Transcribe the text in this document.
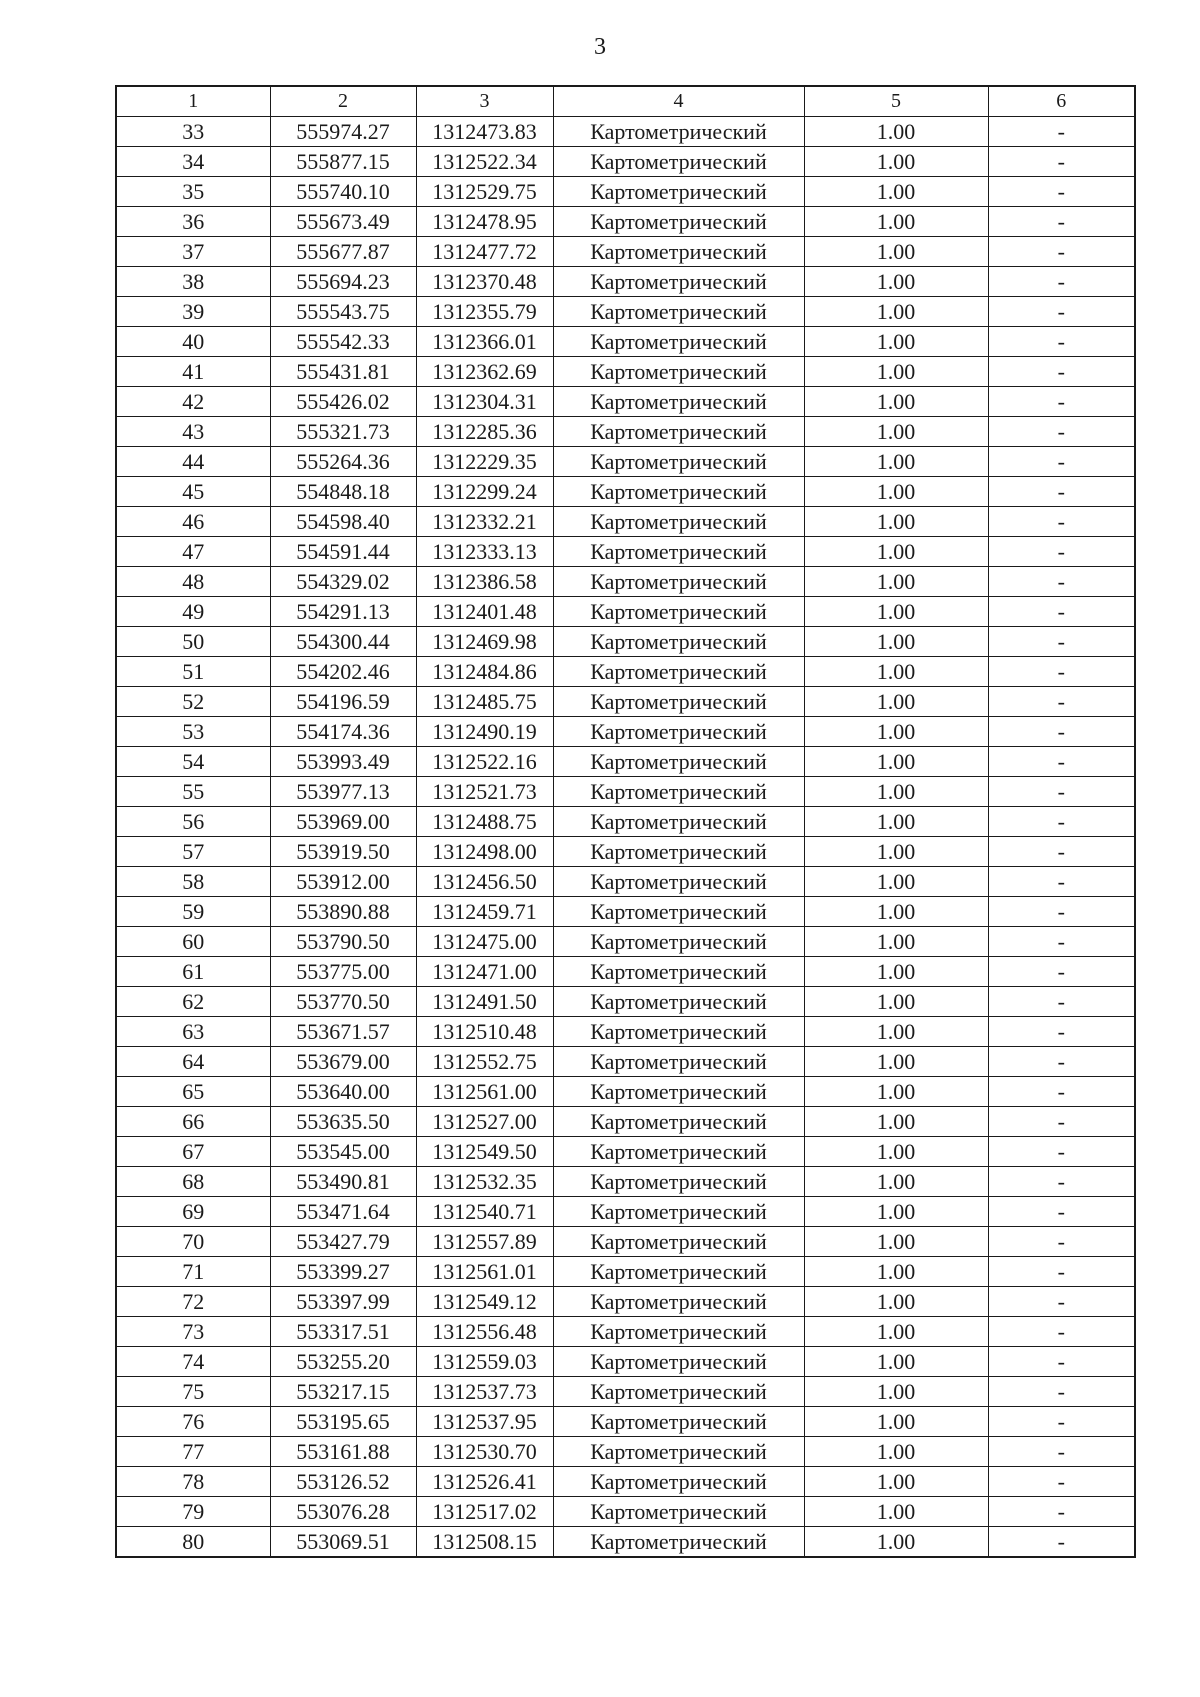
3
1	2	3	4	5	6
33	555974.27	1312473.83	Картометрический	1.00	-
34	555877.15	1312522.34	Картометрический	1.00	-
35	555740.10	1312529.75	Картометрический	1.00	-
36	555673.49	1312478.95	Картометрический	1.00	-
37	555677.87	1312477.72	Картометрический	1.00	-
38	555694.23	1312370.48	Картометрический	1.00	-
39	555543.75	1312355.79	Картометрический	1.00	-
40	555542.33	1312366.01	Картометрический	1.00	-
41	555431.81	1312362.69	Картометрический	1.00	-
42	555426.02	1312304.31	Картометрический	1.00	-
43	555321.73	1312285.36	Картометрический	1.00	-
44	555264.36	1312229.35	Картометрический	1.00	-
45	554848.18	1312299.24	Картометрический	1.00	-
46	554598.40	1312332.21	Картометрический	1.00	-
47	554591.44	1312333.13	Картометрический	1.00	-
48	554329.02	1312386.58	Картометрический	1.00	-
49	554291.13	1312401.48	Картометрический	1.00	-
50	554300.44	1312469.98	Картометрический	1.00	-
51	554202.46	1312484.86	Картометрический	1.00	-
52	554196.59	1312485.75	Картометрический	1.00	-
53	554174.36	1312490.19	Картометрический	1.00	-
54	553993.49	1312522.16	Картометрический	1.00	-
55	553977.13	1312521.73	Картометрический	1.00	-
56	553969.00	1312488.75	Картометрический	1.00	-
57	553919.50	1312498.00	Картометрический	1.00	-
58	553912.00	1312456.50	Картометрический	1.00	-
59	553890.88	1312459.71	Картометрический	1.00	-
60	553790.50	1312475.00	Картометрический	1.00	-
61	553775.00	1312471.00	Картометрический	1.00	-
62	553770.50	1312491.50	Картометрический	1.00	-
63	553671.57	1312510.48	Картометрический	1.00	-
64	553679.00	1312552.75	Картометрический	1.00	-
65	553640.00	1312561.00	Картометрический	1.00	-
66	553635.50	1312527.00	Картометрический	1.00	-
67	553545.00	1312549.50	Картометрический	1.00	-
68	553490.81	1312532.35	Картометрический	1.00	-
69	553471.64	1312540.71	Картометрический	1.00	-
70	553427.79	1312557.89	Картометрический	1.00	-
71	553399.27	1312561.01	Картометрический	1.00	-
72	553397.99	1312549.12	Картометрический	1.00	-
73	553317.51	1312556.48	Картометрический	1.00	-
74	553255.20	1312559.03	Картометрический	1.00	-
75	553217.15	1312537.73	Картометрический	1.00	-
76	553195.65	1312537.95	Картометрический	1.00	-
77	553161.88	1312530.70	Картометрический	1.00	-
78	553126.52	1312526.41	Картометрический	1.00	-
79	553076.28	1312517.02	Картометрический	1.00	-
80	553069.51	1312508.15	Картометрический	1.00	-
